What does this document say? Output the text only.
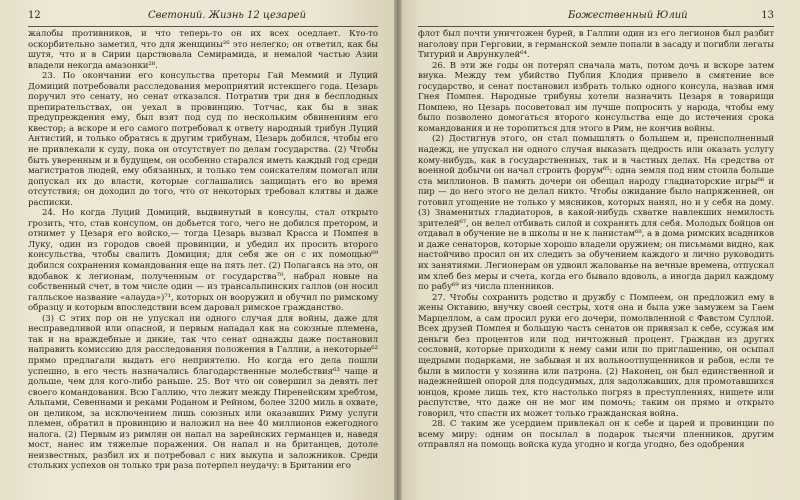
12	Светоний. Жизнь 12 цезарей

жалобы противников, и что теперь-то он их всех оседлает. Кто-то оскорбительно заметил, что для женщины²⁶ это нелегко; он ответил, как бы шутя, что и в Сирии царствовала Семирамида, и немалой частью Азии владели некогда амазонки²⁸.

23. По окончании его консульства преторы Гай Меммий и Луций Домиций потребовали расследования мероприятий истекшего года. Цезарь поручил это сенату, но сенат отказался. Потратив три дня в бесплодных препирательствах, он уехал в провинцию. Тотчас, как бы в знак предупреждения ему, был взят под суд по нескольким обвинениям его квестор; а вскоре и его самого потребовал к ответу народный трибун Луций Антистий, и только обратясь к другим трибунам, Цезарь добился, чтобы его не привлекали к суду, пока он отсутствует по делам государства. (2) Чтобы быть уверенным и в будущем, он особенно старался иметь каждый год среди магистратов людей, ему обязанных, и только тем соискателям помогал или допускал их до власти, которые соглашались защищать его во время отсутствия; он доходил до того, что от некоторых требовал клятвы и даже расписки.

24. Но когда Луций Домиций, выдвинутый в консулы, стал открыто грозить, что, став консулом, он добьется того, чего не добился претором, и отнимет у Цезаря его войско,— тогда Цезарь вызвал Красса и Помпея в Луку, один из городов своей провинции, и убедил их просить второго консульства, чтобы свалить Домиция; для себя же он с их помощью⁶⁹ добился сохранения командования еще на пять лет. (2) Полагаясь на это, он вдобавок к легионам, полученным от государства⁷⁰, набрал новые на собственный счет, в том числе один — из трансальпинских галлов (он носил галльское название «алауда»)⁷¹, которых он вооружил и обучил по римскому образцу и которым впоследствии всем даровал римское гражданство.

(3) С этих пор он не упускал ни одного случая для войны, даже для несправедливой или опасной, и первым нападал как на союзные племена, так и на враждебные и дикие, так что сенат однажды даже постановил направить комиссию для расследования положения в Галлии, а некоторые⁶² прямо предлагали выдать его неприятелю. Но когда его дела пошли успешно, в его честь назначались благодарственные молебствия⁶³ чаще и дольше, чем для кого-либо раньше. 25. Вот что он совершил за девять лет своего командования. Всю Галлию, что лежит между Пиренейским хребтом, Альпами, Севеннами и реками Роданом и Рейном, более 3200 миль в охвате, он целиком, за исключением лишь союзных или оказавших Риму услуги племен, обратил в провинцию и наложил на нее 40 миллионов ежегодного налога. (2) Первым из римлян он напал на зарейнских германцев и, наведя мост, нанес им тяжелые поражения. Он напал и на британцев, дотоле неизвестных, разбил их и потребовал с них выкупа и заложников. Среди стольких успехов он только три раза потерпел неудачу: в Британии его

Божественный Юлий	13

флот был почти уничтожен бурей, в Галлии один из его легионов был разбит наголову при Герговии, в германской земле попали в засаду и погибли легаты Титурий и Аврункулей⁶⁴.

26. В эти же годы он потерял сначала мать, потом дочь и вскоре затем внука. Между тем убийство Публия Клодия привело в смятение все государство, и сенат постановил избрать только одного консула, назвав имя Гнея Помпея. Народные трибуны хотели назначить Цезаря в товарищи Помпею, но Цезарь посоветовал им лучше попросить у народа, чтобы ему было позволено домогаться второго консульства еще до истечения срока командования и не торопиться для этого в Рим, не кончив войны.

(2) Достигнув этого, он стал помышлять о большем и, преисполненный надежд, не упускал ни одного случая выказать щедрость или оказать услугу кому-нибудь, как в государственных, так и в частных делах. На средства от военной добычи он начал строить форум⁶⁵: одна земля под ним стоила больше ста миллионов. В память дочери он обещал народу гладиаторские игры⁶⁶ и пир — до него этого не делал никто. Чтобы ожидание было напряженней, он готовил угощение не только у мясников, которых нанял, но и у себя на дому. (3) Знаменитых гладиаторов, в какой-нибудь схватке навлекших немилость зрителей⁶⁷, он велел отбивать силой и сохранять для себя. Молодых бойцов он отдавал в обучение не в школы и не к ланистам⁶⁸, а в дома римских всадников и даже сенаторов, которые хорошо владели оружием; он письмами видно, как настойчиво просил он их следить за обучением каждого и лично руководить их занятиями. Легионерам он удвоил жалованье на вечные времена, отпускал им хлеб без меры и счета, когда его бывало вдоволь, а иногда дарил каждому по рабу⁶⁹ из числа пленников.

27. Чтобы сохранить родство и дружбу с Помпеем, он предложил ему в жены Октавию, внучку своей сестры, хотя она и была уже замужем за Гаем Марцеллом, а сам просил руки его дочери, помолвленной с Фавстом Суллой. Всех друзей Помпея и большую часть сенатов он привязал к себе, ссужая им деньги без процентов или под ничтожный процент. Граждан из других сословий, которые приходили к нему сами или по приглашению, он осыпал щедрыми подарками, не забывая и их вольноотпущенников и рабов, если те были в милости у хозяина или патрона. (2) Наконец, он был единственной и надежнейшей опорой для подсудимых, для задолжавших, для промотавшихся юнцов, кроме лишь тех, кто настолько погряз в преступлениях, нищете или распутстве, что даже он не мог им помочь; таким он прямо и открыто говорил, что спасти их может только гражданская война.

28. С таким же усердием привлекал он к себе и царей и провинции по всему миру: одним он посылал в подарок тысячи пленников, другим отправлял на помощь войска куда угодно и когда угодно, без одобрения
